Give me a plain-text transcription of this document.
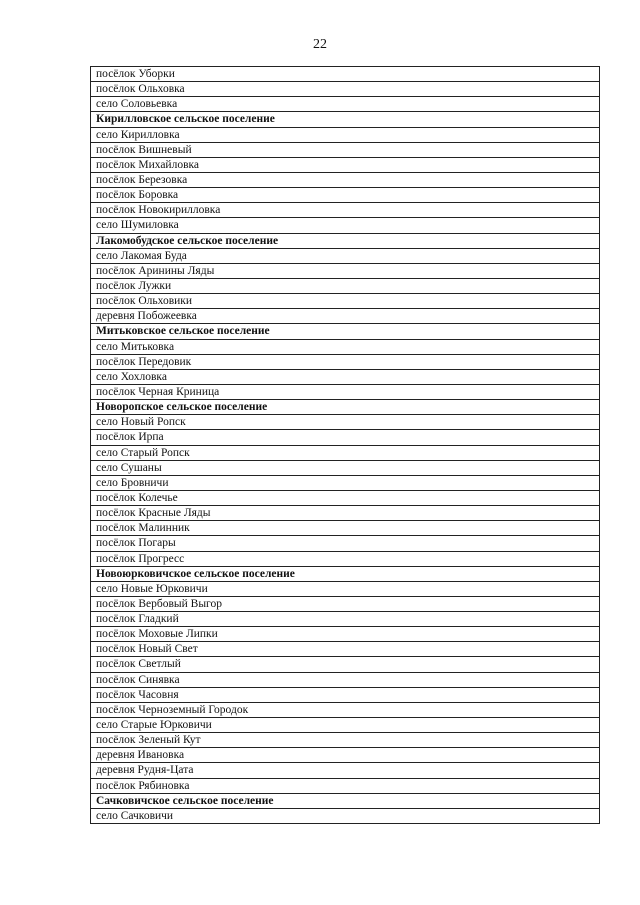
22
посёлок Уборки
посёлок Ольховка
село Соловьевка
Кирилловское сельское поселение
село Кирилловка
посёлок Вишневый
посёлок Михайловка
посёлок Березовка
посёлок Боровка
посёлок Новокирилловка
село Шумиловка
Лакомобудское сельское поселение
село Лакомая Буда
посёлок Аринины Ляды
посёлок Лужки
посёлок Ольховики
деревня Побожеевка
Митьковское сельское поселение
село Митьковка
посёлок Передовик
село Хохловка
посёлок Черная Криница
Новоропское сельское поселение
село Новый Ропск
посёлок Ирпа
село Старый Ропск
село Сушаны
село Бровничи
посёлок Колечье
посёлок Красные Ляды
посёлок Малинник
посёлок Погары
посёлок Прогресс
Новоюрковичское сельское поселение
село Новые Юрковичи
посёлок Вербовый Выгор
посёлок Гладкий
посёлок Моховые Липки
посёлок Новый Свет
посёлок Светлый
посёлок Синявка
посёлок Часовня
посёлок Черноземный Городок
село Старые Юрковичи
посёлок Зеленый Кут
деревня Ивановка
деревня Рудня-Цата
посёлок Рябиновка
Сачковичское сельское поселение
село Сачковичи
